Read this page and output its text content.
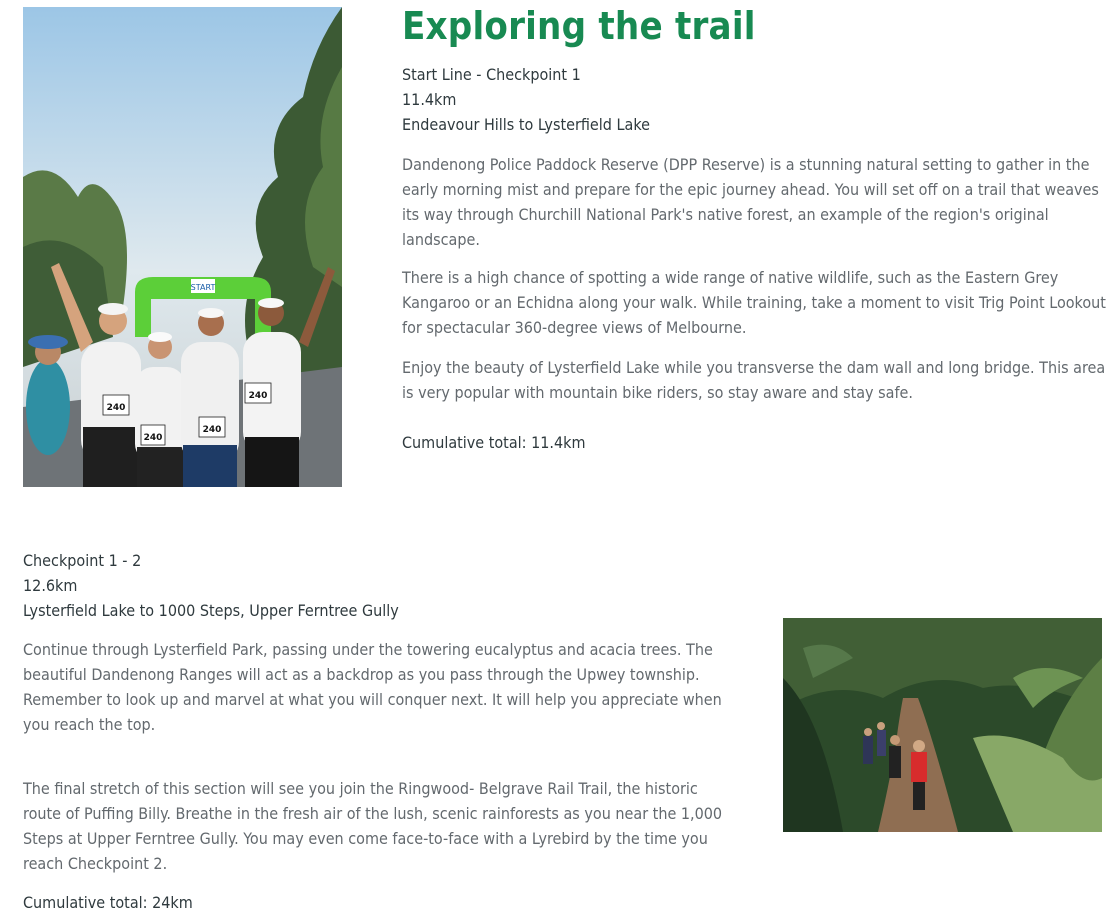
START
240
240
240
240
Exploring the trail
Start Line - Checkpoint 1
11.4km
Endeavour Hills to Lysterfield Lake

Dandenong Police Paddock Reserve (DPP Reserve) is a stunning natural setting to gather in the early morning mist and prepare for the epic journey ahead. You will set off on a trail that weaves its way through Churchill National Park's native forest, an example of the region's original landscape.

There is a high chance of spotting a wide range of native wildlife, such as the Eastern Grey Kangaroo or an Echidna along your walk. While training, take a moment to visit Trig Point Lookout for spectacular 360-degree views of Melbourne.

Enjoy the beauty of Lysterfield Lake while you transverse the dam wall and long bridge. This area is very popular with mountain bike riders, so stay aware and stay safe.

Cumulative total: 11.4km
Checkpoint 1 - 2
12.6km
Lysterfield Lake to 1000 Steps, Upper Ferntree Gully

Continue through Lysterfield Park, passing under the towering eucalyptus and acacia trees. The beautiful Dandenong Ranges will act as a backdrop as you pass through the Upwey township. Remember to look up and marvel at what you will conquer next. It will help you appreciate when you reach the top.

The final stretch of this section will see you join the Ringwood- Belgrave Rail Trail, the historic route of Puffing Billy. Breathe in the fresh air of the lush, scenic rainforests as you near the 1,000 Steps at Upper Ferntree Gully. You may even come face-to-face with a Lyrebird by the time you reach Checkpoint 2.

Cumulative total: 24km
